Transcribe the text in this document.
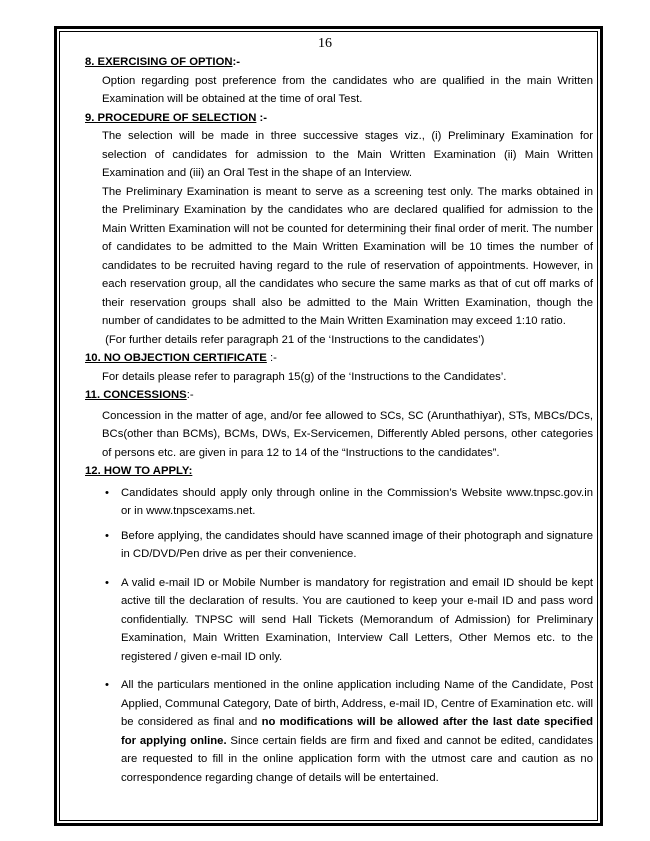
16
8. EXERCISING OF OPTION:-

Option regarding post preference from the candidates who are qualified in the main Written Examination will be obtained at the time of oral Test.

9. PROCEDURE OF SELECTION :-

The selection will be made in three successive stages viz., (i) Preliminary Examination for selection of candidates for admission to the Main Written Examination (ii) Main Written Examination and (iii) an Oral Test in the shape of an Interview.

The Preliminary Examination is meant to serve as a screening test only. The marks obtained in the Preliminary Examination by the candidates who are declared qualified for admission to the Main Written Examination will not be counted for determining their final order of merit. The number of candidates to be admitted to the Main Written Examination will be 10 times the number of candidates to be recruited having regard to the rule of reservation of appointments. However, in each reservation group, all the candidates who secure the same marks as that of cut off marks of their reservation groups shall also be admitted to the Main Written Examination, though the number of candidates to be admitted to the Main Written Examination may exceed 1:10 ratio.

(For further details refer paragraph 21 of the ‘Instructions to the candidates’)

10. NO OBJECTION CERTIFICATE :-

For details please refer to paragraph 15(g) of the ‘Instructions to the Candidates’.

11. CONCESSIONS:-

Concession in the matter of age, and/or fee allowed to SCs, SC (Arunthathiyar), STs, MBCs/DCs, BCs(other than BCMs), BCMs, DWs, Ex-Servicemen, Differently Abled persons, other categories of persons etc. are given in para 12 to 14 of the “Instructions to the candidates”.

12. HOW TO APPLY:
• Candidates should apply only through online in the Commission’s Website www.tnpsc.gov.in or in www.tnpscexams.net.
• Before applying, the candidates should have scanned image of their photograph and signature in CD/DVD/Pen drive as per their convenience.
• A valid e-mail ID or Mobile Number is mandatory for registration and email ID should be kept active till the declaration of results. You are cautioned to keep your e-mail ID and pass word confidentially. TNPSC will send Hall Tickets (Memorandum of Admission) for Preliminary Examination, Main Written Examination, Interview Call Letters, Other Memos etc. to the registered / given e-mail ID only.
• All the particulars mentioned in the online application including Name of the Candidate, Post Applied, Communal Category, Date of birth, Address, e-mail ID, Centre of Examination etc. will be considered as final and no modifications will be allowed after the last date specified for applying online. Since certain fields are firm and fixed and cannot be edited, candidates are requested to fill in the online application form with the utmost care and caution as no correspondence regarding change of details will be entertained.
